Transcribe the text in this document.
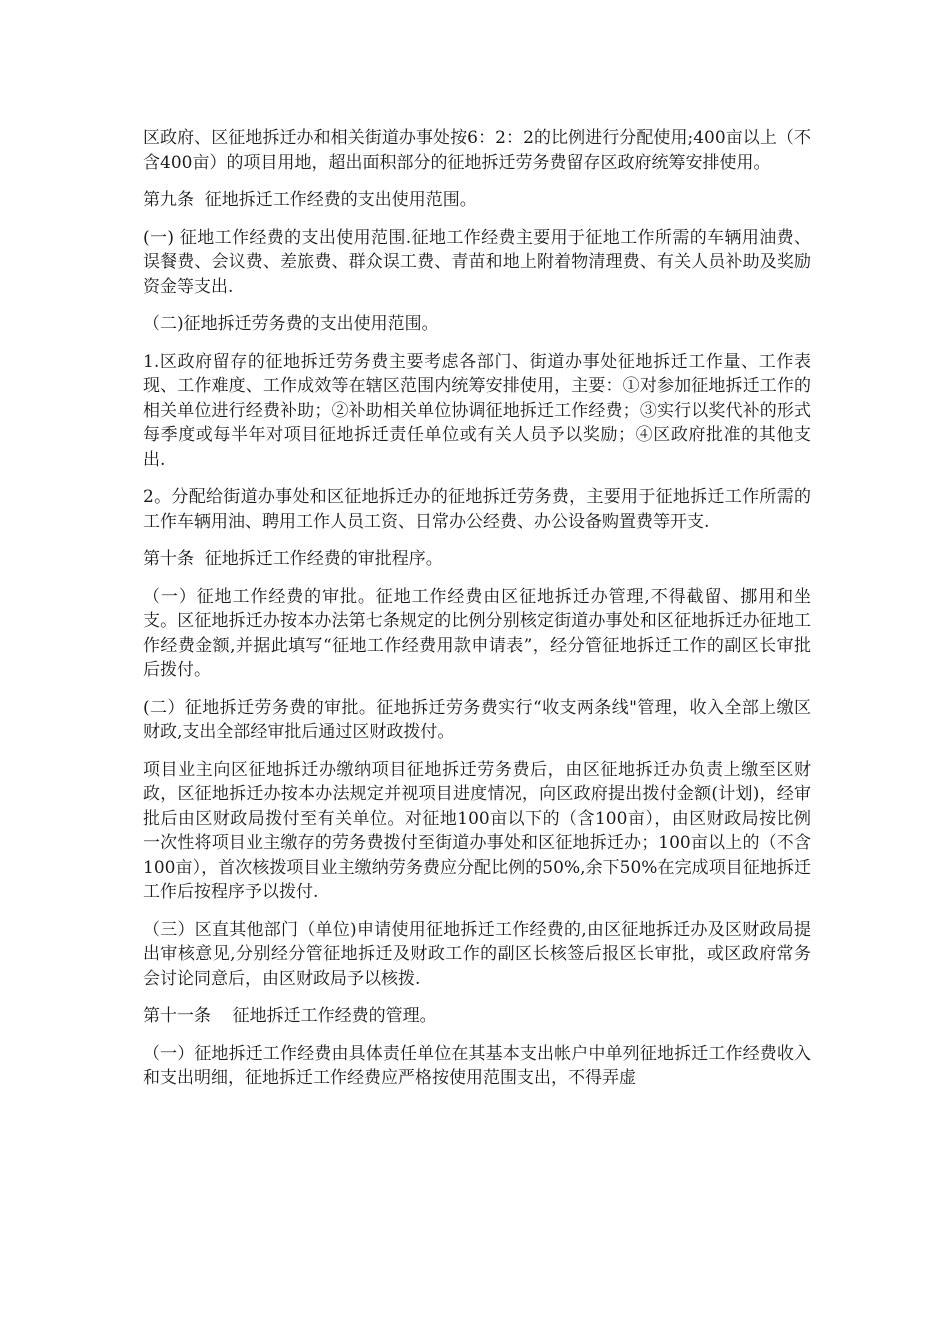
区政府、区征地拆迁办和相关街道办事处按6：2：2的比例进行分配使用;400亩以上（不含400亩）的项目用地，超出面积部分的征地拆迁劳务费留存区政府统筹安排使用。

第九条  征地拆迁工作经费的支出使用范围。

(一) 征地工作经费的支出使用范围.征地工作经费主要用于征地工作所需的车辆用油费、误餐费、会议费、差旅费、群众误工费、青苗和地上附着物清理费、有关人员补助及奖励资金等支出.

（二)征地拆迁劳务费的支出使用范围。

1.区政府留存的征地拆迁劳务费主要考虑各部门、街道办事处征地拆迁工作量、工作表现、工作难度、工作成效等在辖区范围内统筹安排使用，主要：①对参加征地拆迁工作的相关单位进行经费补助；②补助相关单位协调征地拆迁工作经费；③实行以奖代补的形式每季度或每半年对项目征地拆迁责任单位或有关人员予以奖励；④区政府批准的其他支出.

2。分配给街道办事处和区征地拆迁办的征地拆迁劳务费，主要用于征地拆迁工作所需的工作车辆用油、聘用工作人员工资、日常办公经费、办公设备购置费等开支.

第十条  征地拆迁工作经费的审批程序。

（一）征地工作经费的审批。征地工作经费由区征地拆迁办管理,不得截留、挪用和坐支。区征地拆迁办按本办法第七条规定的比例分别核定街道办事处和区征地拆迁办征地工作经费金额,并据此填写“征地工作经费用款申请表”，经分管征地拆迁工作的副区长审批后拨付。

(二）征地拆迁劳务费的审批。征地拆迁劳务费实行“收支两条线"管理，收入全部上缴区财政,支出全部经审批后通过区财政拨付。

项目业主向区征地拆迁办缴纳项目征地拆迁劳务费后，由区征地拆迁办负责上缴至区财政，区征地拆迁办按本办法规定并视项目进度情况，向区政府提出拨付金额(计划)，经审批后由区财政局拨付至有关单位。对征地100亩以下的（含100亩），由区财政局按比例一次性将项目业主缴存的劳务费拨付至街道办事处和区征地拆迁办；100亩以上的（不含100亩），首次核拨项目业主缴纳劳务费应分配比例的50%,余下50%在完成项目征地拆迁工作后按程序予以拨付.

（三）区直其他部门（单位)申请使用征地拆迁工作经费的,由区征地拆迁办及区财政局提出审核意见,分别经分管征地拆迁及财政工作的副区长核签后报区长审批，或区政府常务会讨论同意后，由区财政局予以核拨.

第十一条    征地拆迁工作经费的管理。

（一）征地拆迁工作经费由具体责任单位在其基本支出帐户中单列征地拆迁工作经费收入和支出明细，征地拆迁工作经费应严格按使用范围支出，不得弄虚
